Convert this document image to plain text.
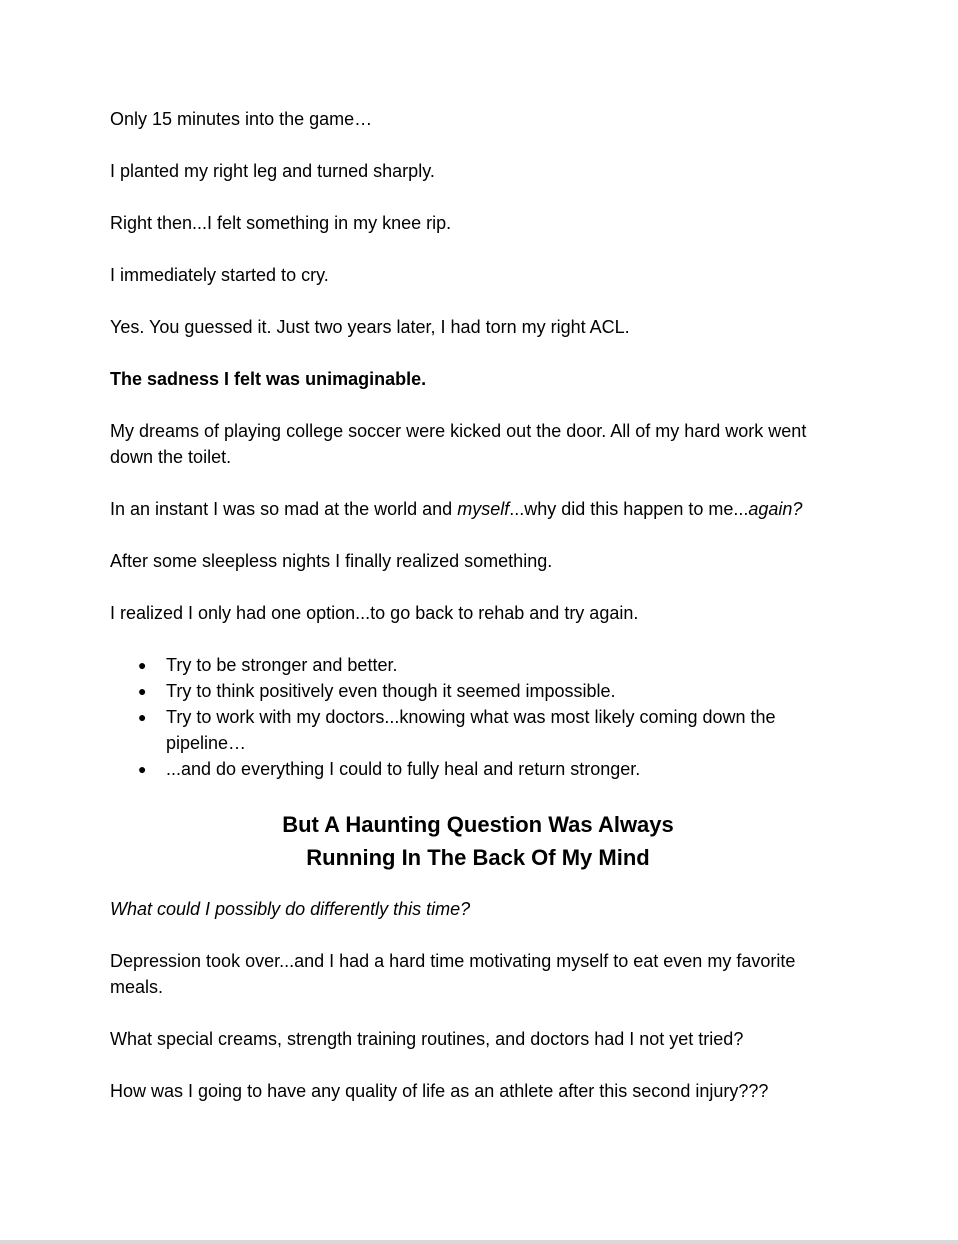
Only 15 minutes into the game…

I planted my right leg and turned sharply.

Right then...I felt something in my knee rip.

I immediately started to cry.

Yes. You guessed it. Just two years later, I had torn my right ACL.

The sadness I felt was unimaginable.

My dreams of playing college soccer were kicked out the door. All of my hard work went down the toilet.

In an instant I was so mad at the world and myself...why did this happen to me...again?

After some sleepless nights I finally realized something.

I realized I only had one option...to go back to rehab and try again.

● Try to be stronger and better.
● Try to think positively even though it seemed impossible.
● Try to work with my doctors...knowing what was most likely coming down the pipeline…
● ...and do everything I could to fully heal and return stronger.
But A Haunting Question Was Always
Running In The Back Of My Mind

What could I possibly do differently this time?

Depression took over...and I had a hard time motivating myself to eat even my favorite meals.

What special creams, strength training routines, and doctors had I not yet tried?

How was I going to have any quality of life as an athlete after this second injury???
